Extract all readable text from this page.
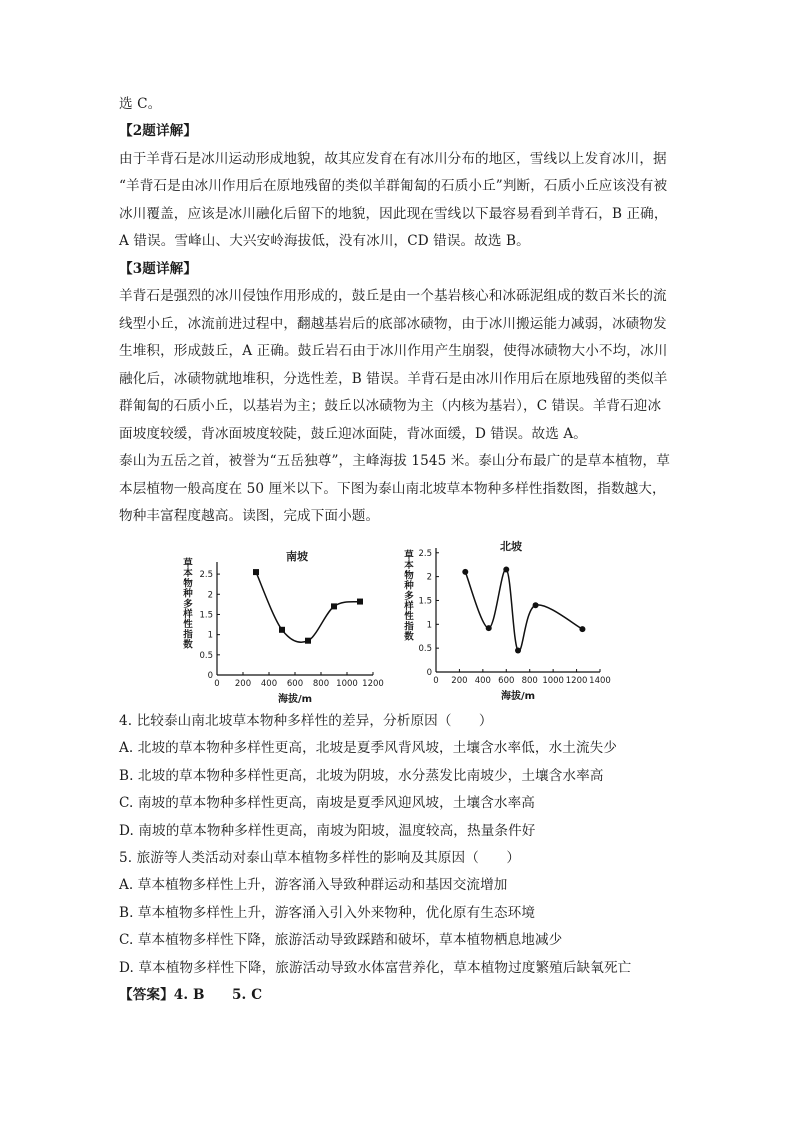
选 C。
【2题详解】
由于羊背石是冰川运动形成地貌，故其应发育在有冰川分布的地区，雪线以上发育冰川，据
“羊背石是由冰川作用后在原地残留的类似羊群匍匐的石质小丘”判断，石质小丘应该没有被
冰川覆盖，应该是冰川融化后留下的地貌，因此现在雪线以下最容易看到羊背石，B 正确，
A 错误。雪峰山、大兴安岭海拔低，没有冰川，CD 错误。故选 B。
【3题详解】
羊背石是强烈的冰川侵蚀作用形成的，鼓丘是由一个基岩核心和冰砾泥组成的数百米长的流
线型小丘，冰流前进过程中，翻越基岩后的底部冰碛物，由于冰川搬运能力减弱，冰碛物发
生堆积，形成鼓丘，A 正确。鼓丘岩石由于冰川作用产生崩裂，使得冰碛物大小不均，冰川
融化后，冰碛物就地堆积，分选性差，B 错误。羊背石是由冰川作用后在原地残留的类似羊
群匍匐的石质小丘，以基岩为主；鼓丘以冰碛物为主（内核为基岩），C 错误。羊背石迎冰
面坡度较缓，背冰面坡度较陡，鼓丘迎冰面陡，背冰面缓，D 错误。故选 A。
泰山为五岳之首，被誉为“五岳独尊”，主峰海拔 1545 米。泰山分布最广的是草本植物，草
本层植物一般高度在 50 厘米以下。下图为泰山南北坡草本物种多样性指数图，指数越大，
物种丰富程度越高。读图，完成下面小题。
0 200 400 600 800 1000 1200
0
0.5
1
1.5
2
2.5
南坡
海拔/m
草本物种多样性指数
0 200 400 600 800 1000 1200 1400
0
0.5
1
1.5
2
2.5
北坡
海拔/m
草本物种多样性指数
4. 比较泰山南北坡草本物种多样性的差异，分析原因（　　）
A. 北坡的草本物种多样性更高，北坡是夏季风背风坡，土壤含水率低，水土流失少
B. 北坡的草本物种多样性更高，北坡为阴坡，水分蒸发比南坡少，土壤含水率高
C. 南坡的草本物种多样性更高，南坡是夏季风迎风坡，土壤含水率高
D. 南坡的草本物种多样性更高，南坡为阳坡，温度较高，热量条件好
5. 旅游等人类活动对泰山草本植物多样性的影响及其原因（　　）
A. 草本植物多样性上升，游客涌入导致种群运动和基因交流增加
B. 草本植物多样性上升，游客涌入引入外来物种，优化原有生态环境
C. 草本植物多样性下降，旅游活动导致踩踏和破坏，草本植物栖息地减少
D. 草本植物多样性下降，旅游活动导致水体富营养化，草本植物过度繁殖后缺氧死亡
【答案】4. B　　5. C
